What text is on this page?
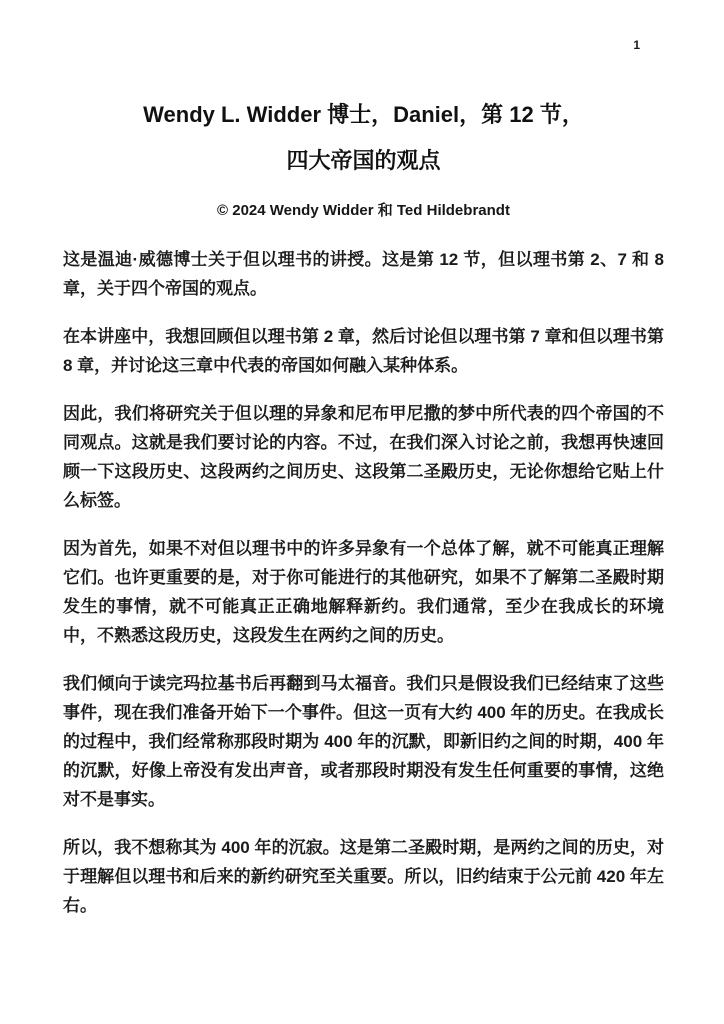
1
Wendy L. Widder 博士，Daniel，第 12 节，
四大帝国的观点
© 2024 Wendy Widder 和 Ted Hildebrandt

这是温迪·威德博士关于但以理书的讲授。这是第 12 节，但以理书第 2、7 和 8 章，关于四个帝国的观点。

在本讲座中，我想回顾但以理书第 2 章，然后讨论但以理书第 7 章和但以理书第 8 章，并讨论这三章中代表的帝国如何融入某种体系。

因此，我们将研究关于但以理的异象和尼布甲尼撒的梦中所代表的四个帝国的不同观点。这就是我们要讨论的内容。不过，在我们深入讨论之前，我想再快速回顾一下这段历史、这段两约之间历史、这段第二圣殿历史，无论你想给它贴上什么标签。

因为首先，如果不对但以理书中的许多异象有一个总体了解，就不可能真正理解它们。也许更重要的是，对于你可能进行的其他研究，如果不了解第二圣殿时期发生的事情，就不可能真正正确地解释新约。我们通常，至少在我成长的环境中，不熟悉这段历史，这段发生在两约之间的历史。

我们倾向于读完玛拉基书后再翻到马太福音。我们只是假设我们已经结束了这些事件，现在我们准备开始下一个事件。但这一页有大约 400 年的历史。在我成长的过程中，我们经常称那段时期为 400 年的沉默，即新旧约之间的时期，400 年的沉默，好像上帝没有发出声音，或者那段时期没有发生任何重要的事情，这绝对不是事实。

所以，我不想称其为 400 年的沉寂。这是第二圣殿时期，是两约之间的历史，对于理解但以理书和后来的新约研究至关重要。所以，旧约结束于公元前 420 年左右。
